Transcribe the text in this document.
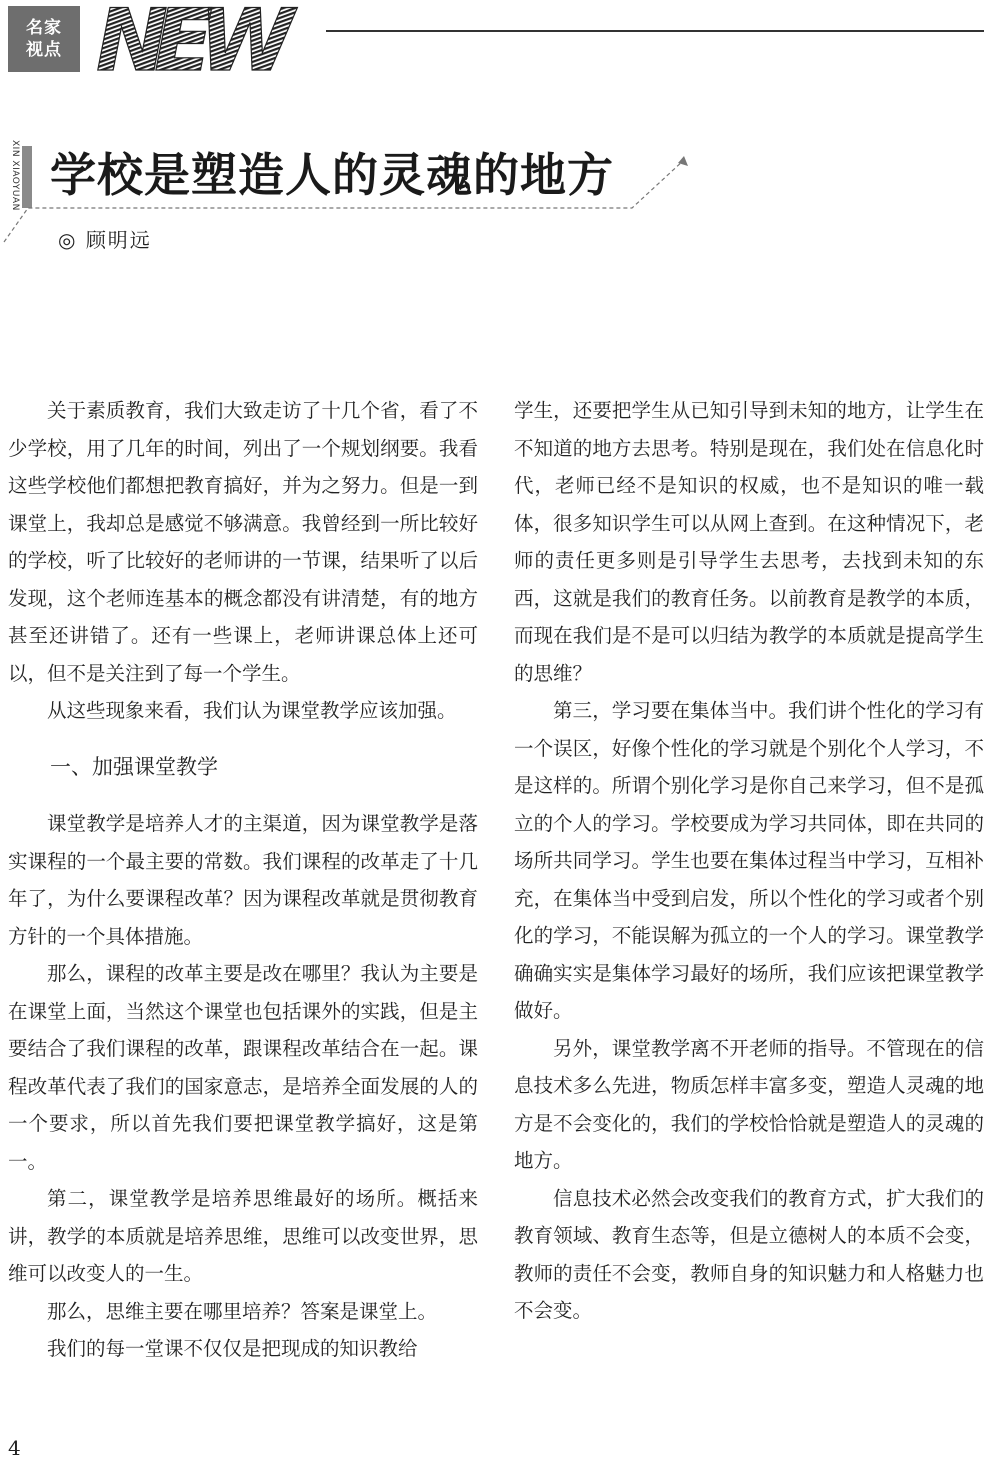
名家
视点 NEW
XIN XIAOYUAN 学校是塑造人的灵魂的地方
◎ 顾明远

关于素质教育，我们大致走访了十几个省，看了不少学校，用了几年的时间，列出了一个规划纲要。我看这些学校他们都想把教育搞好，并为之努力。但是一到课堂上，我却总是感觉不够满意。我曾经到一所比较好的学校，听了比较好的老师讲的一节课，结果听了以后发现，这个老师连基本的概念都没有讲清楚，有的地方甚至还讲错了。还有一些课上，老师讲课总体上还可以，但不是关注到了每一个学生。

从这些现象来看，我们认为课堂教学应该加强。

一、加强课堂教学

课堂教学是培养人才的主渠道，因为课堂教学是落实课程的一个最主要的常数。我们课程的改革走了十几年了，为什么要课程改革？因为课程改革就是贯彻教育方针的一个具体措施。

那么，课程的改革主要是改在哪里？我认为主要是在课堂上面，当然这个课堂也包括课外的实践，但是主要结合了我们课程的改革，跟课程改革结合在一起。课程改革代表了我们的国家意志，是培养全面发展的人的一个要求，所以首先我们要把课堂教学搞好，这是第一。

第二，课堂教学是培养思维最好的场所。概括来讲，教学的本质就是培养思维，思维可以改变世界，思维可以改变人的一生。

那么，思维主要在哪里培养？答案是课堂上。

我们的每一堂课不仅仅是把现成的知识教给

学生，还要把学生从已知引导到未知的地方，让学生在不知道的地方去思考。特别是现在，我们处在信息化时代，老师已经不是知识的权威，也不是知识的唯一载体，很多知识学生可以从网上查到。在这种情况下，老师的责任更多则是引导学生去思考，去找到未知的东西，这就是我们的教育任务。以前教育是教学的本质，而现在我们是不是可以归结为教学的本质就是提高学生的思维？

第三，学习要在集体当中。我们讲个性化的学习有一个误区，好像个性化的学习就是个别化个人学习，不是这样的。所谓个别化学习是你自己来学习，但不是孤立的个人的学习。学校要成为学习共同体，即在共同的场所共同学习。学生也要在集体过程当中学习，互相补充，在集体当中受到启发，所以个性化的学习或者个别化的学习，不能误解为孤立的一个人的学习。课堂教学确确实实是集体学习最好的场所，我们应该把课堂教学做好。

另外，课堂教学离不开老师的指导。不管现在的信息技术多么先进，物质怎样丰富多变，塑造人灵魂的地方是不会变化的，我们的学校恰恰就是塑造人的灵魂的地方。

信息技术必然会改变我们的教育方式，扩大我们的教育领域、教育生态等，但是立德树人的本质不会变，教师的责任不会变，教师自身的知识魅力和人格魅力也不会变。

4
